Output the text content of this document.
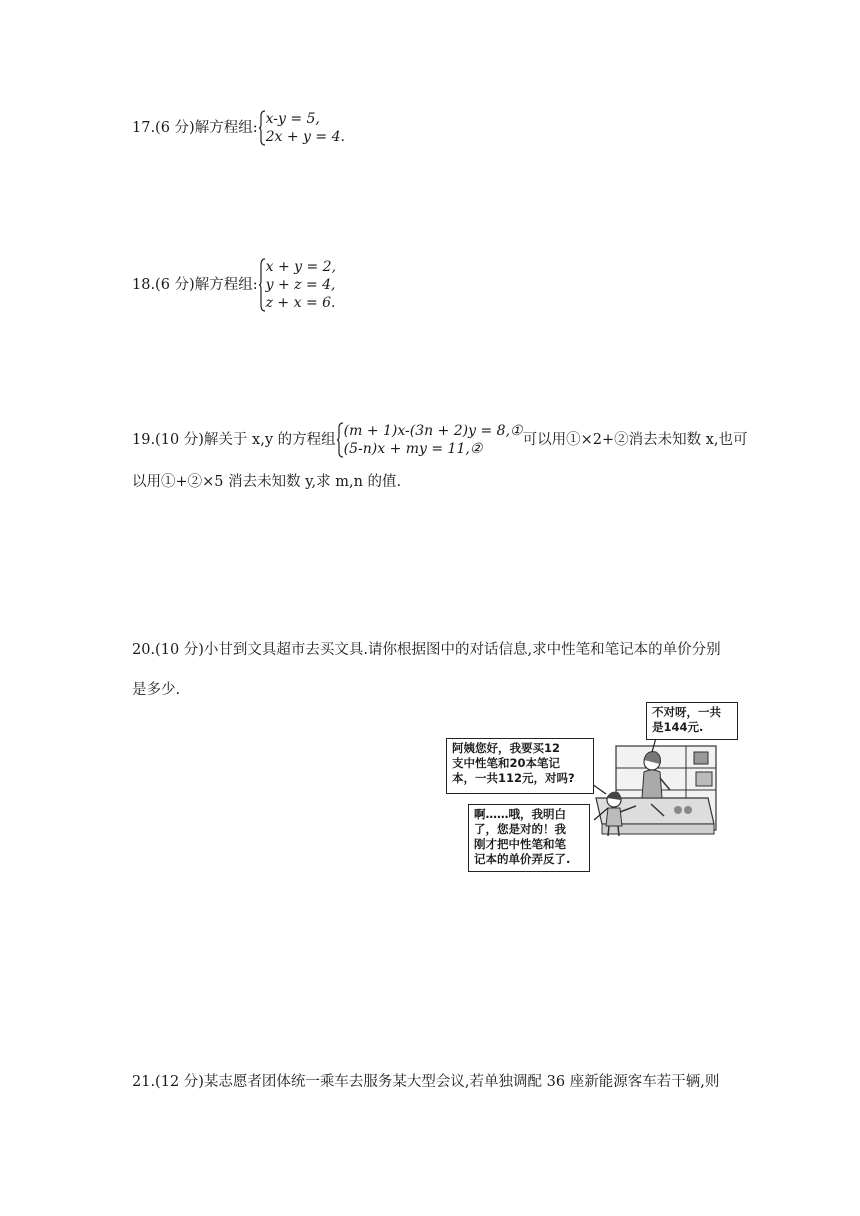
17.(6 分)解方程组:
x-y = 5,
2x + y = 4.
18.(6 分)解方程组:
x + y = 2,
y + z = 4,
z + x = 6.
19.(10 分)解关于 x,y 的方程组
(m + 1)x-(3n + 2)y = 8,①
(5-n)x + my = 11,②
可以用①×2+②消去未知数 x,也可
以用①+②×5 消去未知数 y,求 m,n 的值.
20.(10 分)小甘到文具超市去买文具.请你根据图中的对话信息,求中性笔和笔记本的单价分别
是多少.
不对呀，一共
是144元.
阿姨您好，我要买12
支中性笔和20本笔记
本，一共112元，对吗?
啊……哦，我明白
了，您是对的！我
刚才把中性笔和笔
记本的单价弄反了.
21.(12 分)某志愿者团体统一乘车去服务某大型会议,若单独调配 36 座新能源客车若干辆,则
